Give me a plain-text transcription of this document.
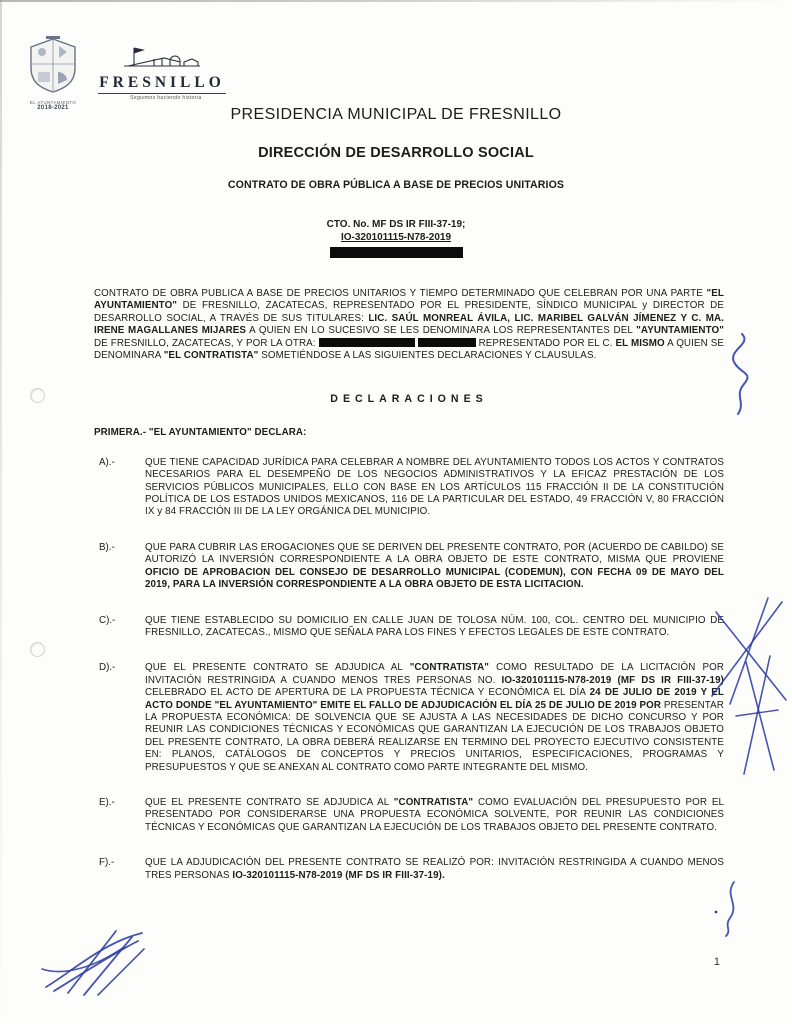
EL AYUNTAMIENTO
2018-2021
FRESNILLO
Seguimos haciendo historia
PRESIDENCIA MUNICIPAL DE FRESNILLO
DIRECCIÓN DE DESARROLLO SOCIAL
CONTRATO DE OBRA PÚBLICA A BASE DE PRECIOS UNITARIOS
CTO. No. MF DS IR FIII-37-19;
IO-320101115-N78-2019

CONTRATO DE OBRA PUBLICA A BASE DE PRECIOS UNITARIOS Y TIEMPO DETERMINADO QUE CELEBRAN POR UNA PARTE "EL AYUNTAMIENTO" DE FRESNILLO, ZACATECAS, REPRESENTADO POR EL PRESIDENTE, SÍNDICO MUNICIPAL y DIRECTOR DE DESARROLLO SOCIAL, A TRAVÉS DE SUS TITULARES: LIC. SAÚL MONREAL ÁVILA, LIC. MARIBEL GALVÁN JÍMENEZ Y C. MA. IRENE MAGALLANES MIJARES A QUIEN EN LO SUCESIVO SE LES DENOMINARA LOS REPRESENTANTES DEL "AYUNTAMIENTO" DE FRESNILLO, ZACATECAS, Y POR LA OTRA:	REPRESENTADO POR EL C. EL MISMO A QUIEN SE DENOMINARA "EL CONTRATISTA" SOMETIÉNDOSE A LAS SIGUIENTES DECLARACIONES Y CLAUSULAS.

DECLARACIONES
PRIMERA.- "EL AYUNTAMIENTO" DECLARA:
A).-	QUE TIENE CAPACIDAD JURÍDICA PARA CELEBRAR A NOMBRE DEL AYUNTAMIENTO TODOS LOS ACTOS Y CONTRATOS NECESARIOS PARA EL DESEMPEÑO DE LOS NEGOCIOS ADMINISTRATIVOS Y LA EFICAZ PRESTACIÓN DE LOS SERVICIOS PÚBLICOS MUNICIPALES, ELLO CON BASE EN LOS ARTÍCULOS 115 FRACCIÓN II DE LA CONSTITUCIÓN POLÍTICA DE LOS ESTADOS UNIDOS MEXICANOS, 116 DE LA PARTICULAR DEL ESTADO, 49 FRACCIÓN V, 80 FRACCIÓN IX y 84 FRACCIÓN III DE LA LEY ORGÁNICA DEL MUNICIPIO.
B).-	QUE PARA CUBRIR LAS EROGACIONES QUE SE DERIVEN DEL PRESENTE CONTRATO, POR (ACUERDO DE CABILDO) SE AUTORIZÓ LA INVERSIÓN CORRESPONDIENTE A LA OBRA OBJETO DE ESTE CONTRATO, MISMA QUE PROVIENE OFICIO DE APROBACION DEL CONSEJO DE DESARROLLO MUNICIPAL (CODEMUN), CON FECHA 09 DE MAYO DEL 2019, PARA LA INVERSIÓN CORRESPONDIENTE A LA OBRA OBJETO DE ESTA LICITACION.
C).-	QUE TIENE ESTABLECIDO SU DOMICILIO EN CALLE JUAN DE TOLOSA NÚM. 100, COL. CENTRO DEL MUNICIPIO DE FRESNILLO, ZACATECAS., MISMO QUE SEÑALA PARA LOS FINES Y EFECTOS LEGALES DE ESTE CONTRATO.
D).-	QUE EL PRESENTE CONTRATO SE ADJUDICA AL "CONTRATISTA" COMO RESULTADO DE LA LICITACIÓN POR INVITACIÓN RESTRINGIDA A CUANDO MENOS TRES PERSONAS NO. IO-320101115-N78-2019 (MF DS IR FIII-37-19) CELEBRADO EL ACTO DE APERTURA DE LA PROPUESTA TÉCNICA Y ECONÓMICA EL DÍA 24 DE JULIO DE 2019 Y EL ACTO DONDE "EL AYUNTAMIENTO" EMITE EL FALLO DE ADJUDICACIÓN EL DÍA 25 DE JULIO DE 2019 POR PRESENTAR LA PROPUESTA ECONÓMICA: DE SOLVENCIA QUE SE AJUSTA A LAS NECESIDADES DE DICHO CONCURSO Y POR REUNIR LAS CONDICIONES TÉCNICAS Y ECONÓMICAS QUE GARANTIZAN LA EJECUCIÓN DE LOS TRABAJOS OBJETO DEL PRESENTE CONTRATO, LA OBRA DEBERÁ REALIZARSE EN TERMINO DEL PROYECTO EJECUTIVO CONSISTENTE EN: PLANOS, CATÁLOGOS DE CONCEPTOS Y PRECIOS UNITARIOS, ESPECIFICACIONES, PROGRAMAS Y PRESUPUESTOS Y QUE SE ANEXAN AL CONTRATO COMO PARTE INTEGRANTE DEL MISMO.
E).-	QUE EL PRESENTE CONTRATO SE ADJUDICA AL "CONTRATISTA" COMO EVALUACIÓN DEL PRESUPUESTO POR EL PRESENTADO POR CONSIDERARSE UNA PROPUESTA ECONÓMICA SOLVENTE, POR REUNIR LAS CONDICIONES TÉCNICAS Y ECONÓMICAS QUE GARANTIZAN LA EJECUCIÓN DE LOS TRABAJOS OBJETO DEL PRESENTE CONTRATO.
F).-	QUE LA ADJUDICACIÓN DEL PRESENTE CONTRATO SE REALIZÓ POR: INVITACIÓN RESTRINGIDA A CUANDO MENOS TRES PERSONAS IO-320101115-N78-2019 (MF DS IR FIII-37-19).
1
